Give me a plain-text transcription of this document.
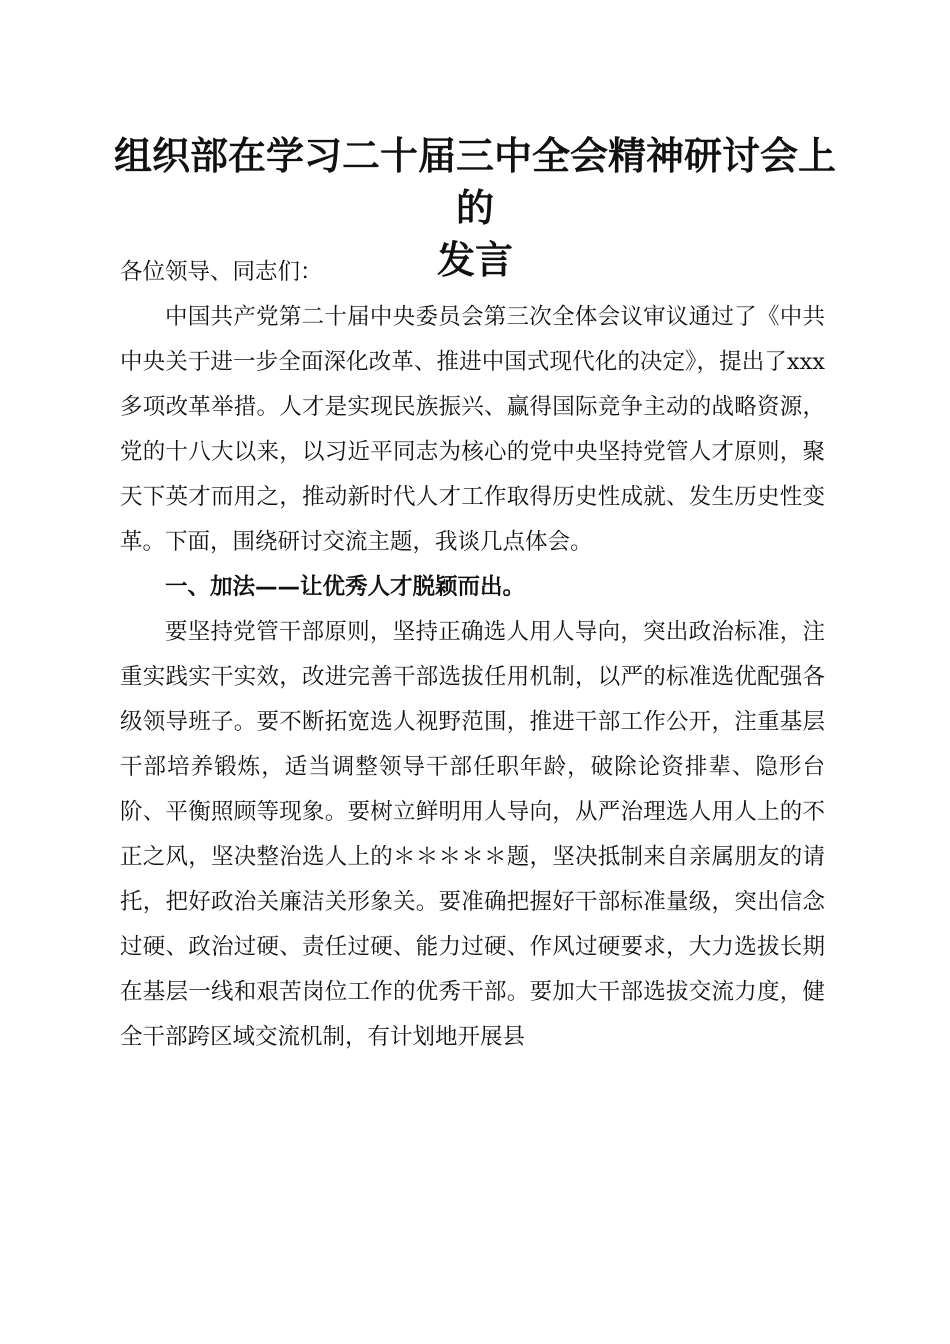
组织部在学习二十届三中全会精神研讨会上的
发言

各位领导、同志们：

中国共产党第二十届中央委员会第三次全体会议审议通过了《中共中央关于进一步全面深化改革、推进中国式现代化的决定》，提出了xxx多项改革举措。人才是实现民族振兴、赢得国际竞争主动的战略资源，党的十八大以来，以习近平同志为核心的党中央坚持党管人才原则，聚天下英才而用之，推动新时代人才工作取得历史性成就、发生历史性变革。下面，围绕研讨交流主题，我谈几点体会。

一、加法——让优秀人才脱颖而出。

要坚持党管干部原则，坚持正确选人用人导向，突出政治标准，注重实践实干实效，改进完善干部选拔任用机制，以严的标准选优配强各级领导班子。要不断拓宽选人视野范围，推进干部工作公开，注重基层干部培养锻炼，适当调整领导干部任职年龄，破除论资排辈、隐形台阶、平衡照顾等现象。要树立鲜明用人导向，从严治理选人用人上的不正之风，坚决整治选人上的＊＊＊＊＊题，坚决抵制来自亲属朋友的请托，把好政治关廉洁关形象关。要准确把握好干部标准量级，突出信念过硬、政治过硬、责任过硬、能力过硬、作风过硬要求，大力选拔长期在基层一线和艰苦岗位工作的优秀干部。要加大干部选拔交流力度，健全干部跨区域交流机制，有计划地开展县
